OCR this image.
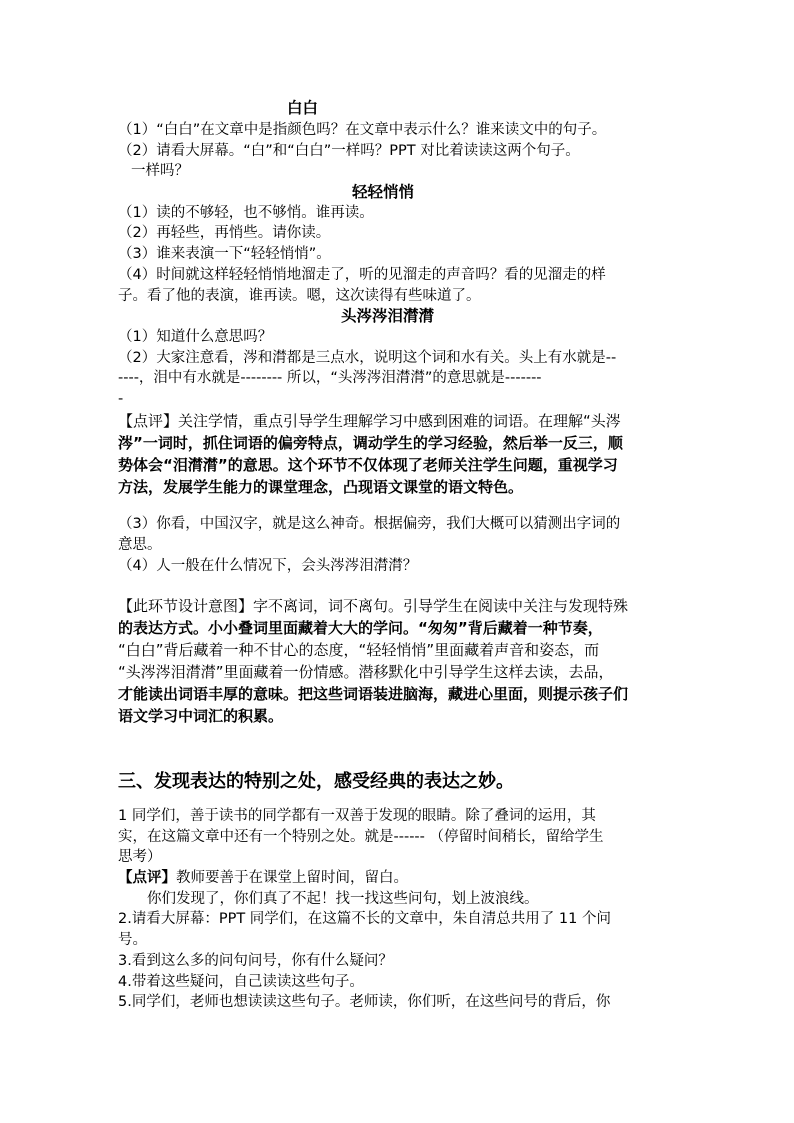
白白
（1）“白白”在文章中是指颜色吗？在文章中表示什么？谁来读文中的句子。
（2）请看大屏幕。“白”和“白白”一样吗？PPT 对比着读读这两个句子。
一样吗？
轻轻悄悄
（1）读的不够轻，也不够悄。谁再读。
（2）再轻些，再悄些。请你读。
（3）谁来表演一下“轻轻悄悄”。
（4）时间就这样轻轻悄悄地溜走了，听的见溜走的声音吗？看的见溜走的样
子。看了他的表演，谁再读。嗯，这次读得有些味道了。
头涔涔泪潸潸
（1）知道什么意思吗？
（2）大家注意看，涔和潸都是三点水，说明这个词和水有关。头上有水就是--
----，泪中有水就是-------- 所以，“头涔涔泪潸潸”的意思就是-------
-
【点评】关注学情，重点引导学生理解学习中感到困难的词语。在理解“头涔
涔”一词时，抓住词语的偏旁特点，调动学生的学习经验，然后举一反三，顺
势体会“泪潸潸”的意思。这个环节不仅体现了老师关注学生问题，重视学习
方法，发展学生能力的课堂理念，凸现语文课堂的语文特色。
（3）你看，中国汉字，就是这么神奇。根据偏旁，我们大概可以猜测出字词的
意思。
（4）人一般在什么情况下，会头涔涔泪潸潸？
【此环节设计意图】字不离词，词不离句。引导学生在阅读中关注与发现特殊
的表达方式。小小叠词里面藏着大大的学问。“匆匆”背后藏着一种节奏，
“白白”背后藏着一种不甘心的态度，“轻轻悄悄”里面藏着声音和姿态，而
“头涔涔泪潸潸”里面藏着一份情感。潜移默化中引导学生这样去读，去品，
才能读出词语丰厚的意味。把这些词语装进脑海，藏进心里面，则提示孩子们
语文学习中词汇的积累。
三、发现表达的特别之处，感受经典的表达之妙。
1 同学们，善于读书的同学都有一双善于发现的眼睛。除了叠词的运用，其
实，在这篇文章中还有一个特别之处。就是------ （停留时间稍长，留给学生
思考）
【点评】教师要善于在课堂上留时间，留白。
你们发现了，你们真了不起！找一找这些问句，划上波浪线。
2.请看大屏幕：PPT 同学们，在这篇不长的文章中，朱自清总共用了 11 个问
号。
3.看到这么多的问句问号，你有什么疑问？
4.带着这些疑问，自己读读这些句子。
5.同学们，老师也想读读这些句子。老师读，你们听，在这些问号的背后，你
